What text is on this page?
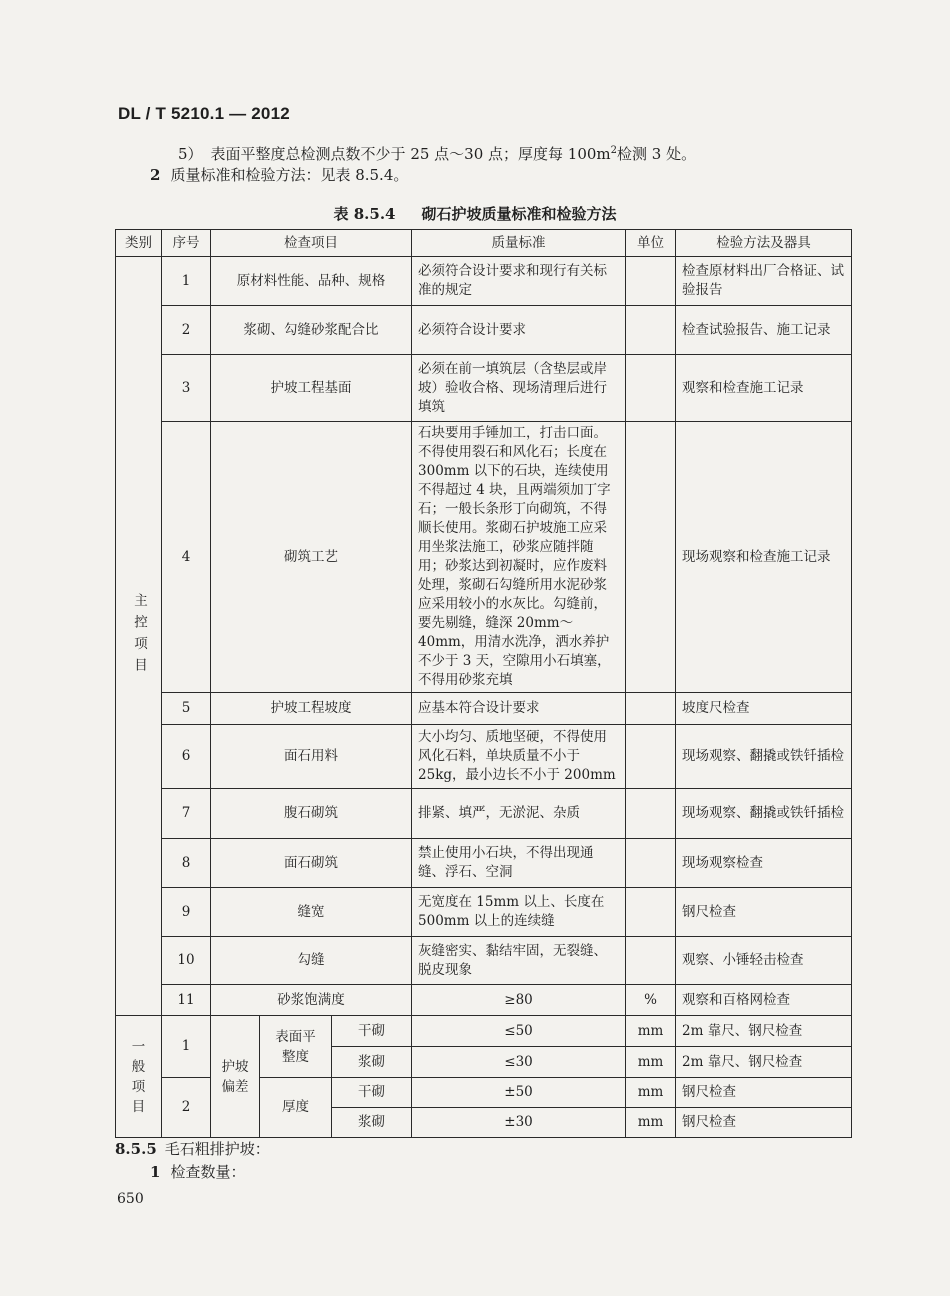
DL / T 5210.1 — 2012
5） 表面平整度总检测点数不少于 25 点～30 点；厚度每 $100m^2$检测 3 处。
2 质量标准和检验方法：见表 8.5.4。
表 8.5.4 砌石护坡质量标准和检验方法
类别	序号	检查项目			质量标准	单位	检验方法及器具
主控项目	1	原材料性能、品种、规格			必须符合设计要求和现行有关标准的规定		检查原材料出厂合格证、试验报告
	2	浆砌、勾缝砂浆配合比			必须符合设计要求		检查试验报告、施工记录
	3	护坡工程基面			必须在前一填筑层（含垫层或岸坡）验收合格、现场清理后进行填筑		观察和检查施工记录
	4	砌筑工艺			石块要用手锤加工，打击口面。不得使用裂石和风化石；长度在300mm 以下的石块，连续使用不得超过 4 块，且两端须加丁字石；一般长条形丁向砌筑，不得顺长使用。浆砌石护坡施工应采用坐浆法施工，砂浆应随拌随用；砂浆达到初凝时，应作废料处理，浆砌石勾缝所用水泥砂浆应采用较小的水灰比。勾缝前，要先剔缝，缝深 20mm～40mm，用清水洗净，洒水养护不少于 3 天，空隙用小石填塞，不得用砂浆充填		现场观察和检查施工记录
	5	护坡工程坡度			应基本符合设计要求		坡度尺检查
	6	面石用料			大小均匀、质地坚硬，不得使用风化石料，单块质量不小于25kg，最小边长不小于 200mm		现场观察、翻撬或铁钎插检
	7	腹石砌筑			排紧、填严，无淤泥、杂质		现场观察、翻撬或铁钎插检
	8	面石砌筑			禁止使用小石块，不得出现通缝、浮石、空洞		现场观察检查
	9	缝宽			无宽度在 15mm 以上、长度在500mm 以上的连续缝		钢尺检查
	10	勾缝			灰缝密实、黏结牢固，无裂缝、脱皮现象		观察、小锤轻击检查
	11	砂浆饱满度			≥80	%	观察和百格网检查
一般项目	1	护坡偏差	表面平整度	干砌	≤50	mm	2m 靠尺、钢尺检查
				浆砌	≤30	mm	2m 靠尺、钢尺检查
	2		厚度	干砌	±50	mm	钢尺检查
				浆砌	±30	mm	钢尺检查
8.5.5 毛石粗排护坡：
1 检查数量：
650
